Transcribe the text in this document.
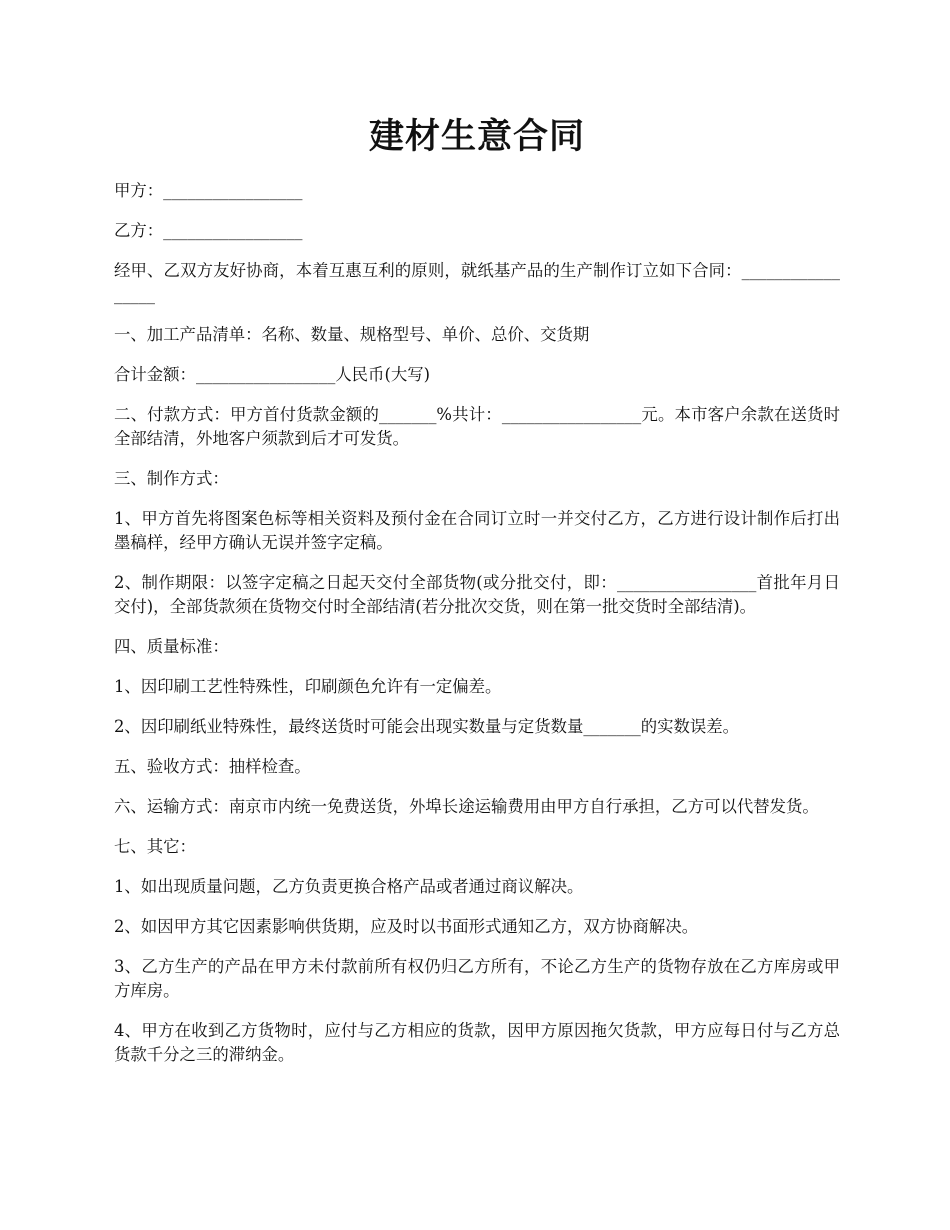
建材生意合同

甲方：_________________

乙方：_________________

经甲、乙双方友好协商，本着互惠互利的原则，就纸基产品的生产制作订立如下合同：_________________

一、加工产品清单：名称、数量、规格型号、单价、总价、交货期

合计金额：_________________人民币(大写)

二、付款方式：甲方首付货款金额的_______%共计：_________________元。本市客户余款在送货时全部结清，外地客户须款到后才可发货。

三、制作方式：

1、甲方首先将图案色标等相关资料及预付金在合同订立时一并交付乙方，乙方进行设计制作后打出墨稿样，经甲方确认无误并签字定稿。

2、制作期限：以签字定稿之日起天交付全部货物(或分批交付，即：_________________首批年月日交付)，全部货款须在货物交付时全部结清(若分批次交货，则在第一批交货时全部结清)。

四、质量标准：

1、因印刷工艺性特殊性，印刷颜色允许有一定偏差。

2、因印刷纸业特殊性，最终送货时可能会出现实数量与定货数量_______的实数误差。

五、验收方式：抽样检查。

六、运输方式：南京市内统一免费送货，外埠长途运输费用由甲方自行承担，乙方可以代替发货。

七、其它：

1、如出现质量问题，乙方负责更换合格产品或者通过商议解决。

2、如因甲方其它因素影响供货期，应及时以书面形式通知乙方，双方协商解决。

3、乙方生产的产品在甲方未付款前所有权仍归乙方所有，不论乙方生产的货物存放在乙方库房或甲方库房。

4、甲方在收到乙方货物时，应付与乙方相应的货款，因甲方原因拖欠货款，甲方应每日付与乙方总货款千分之三的滞纳金。
